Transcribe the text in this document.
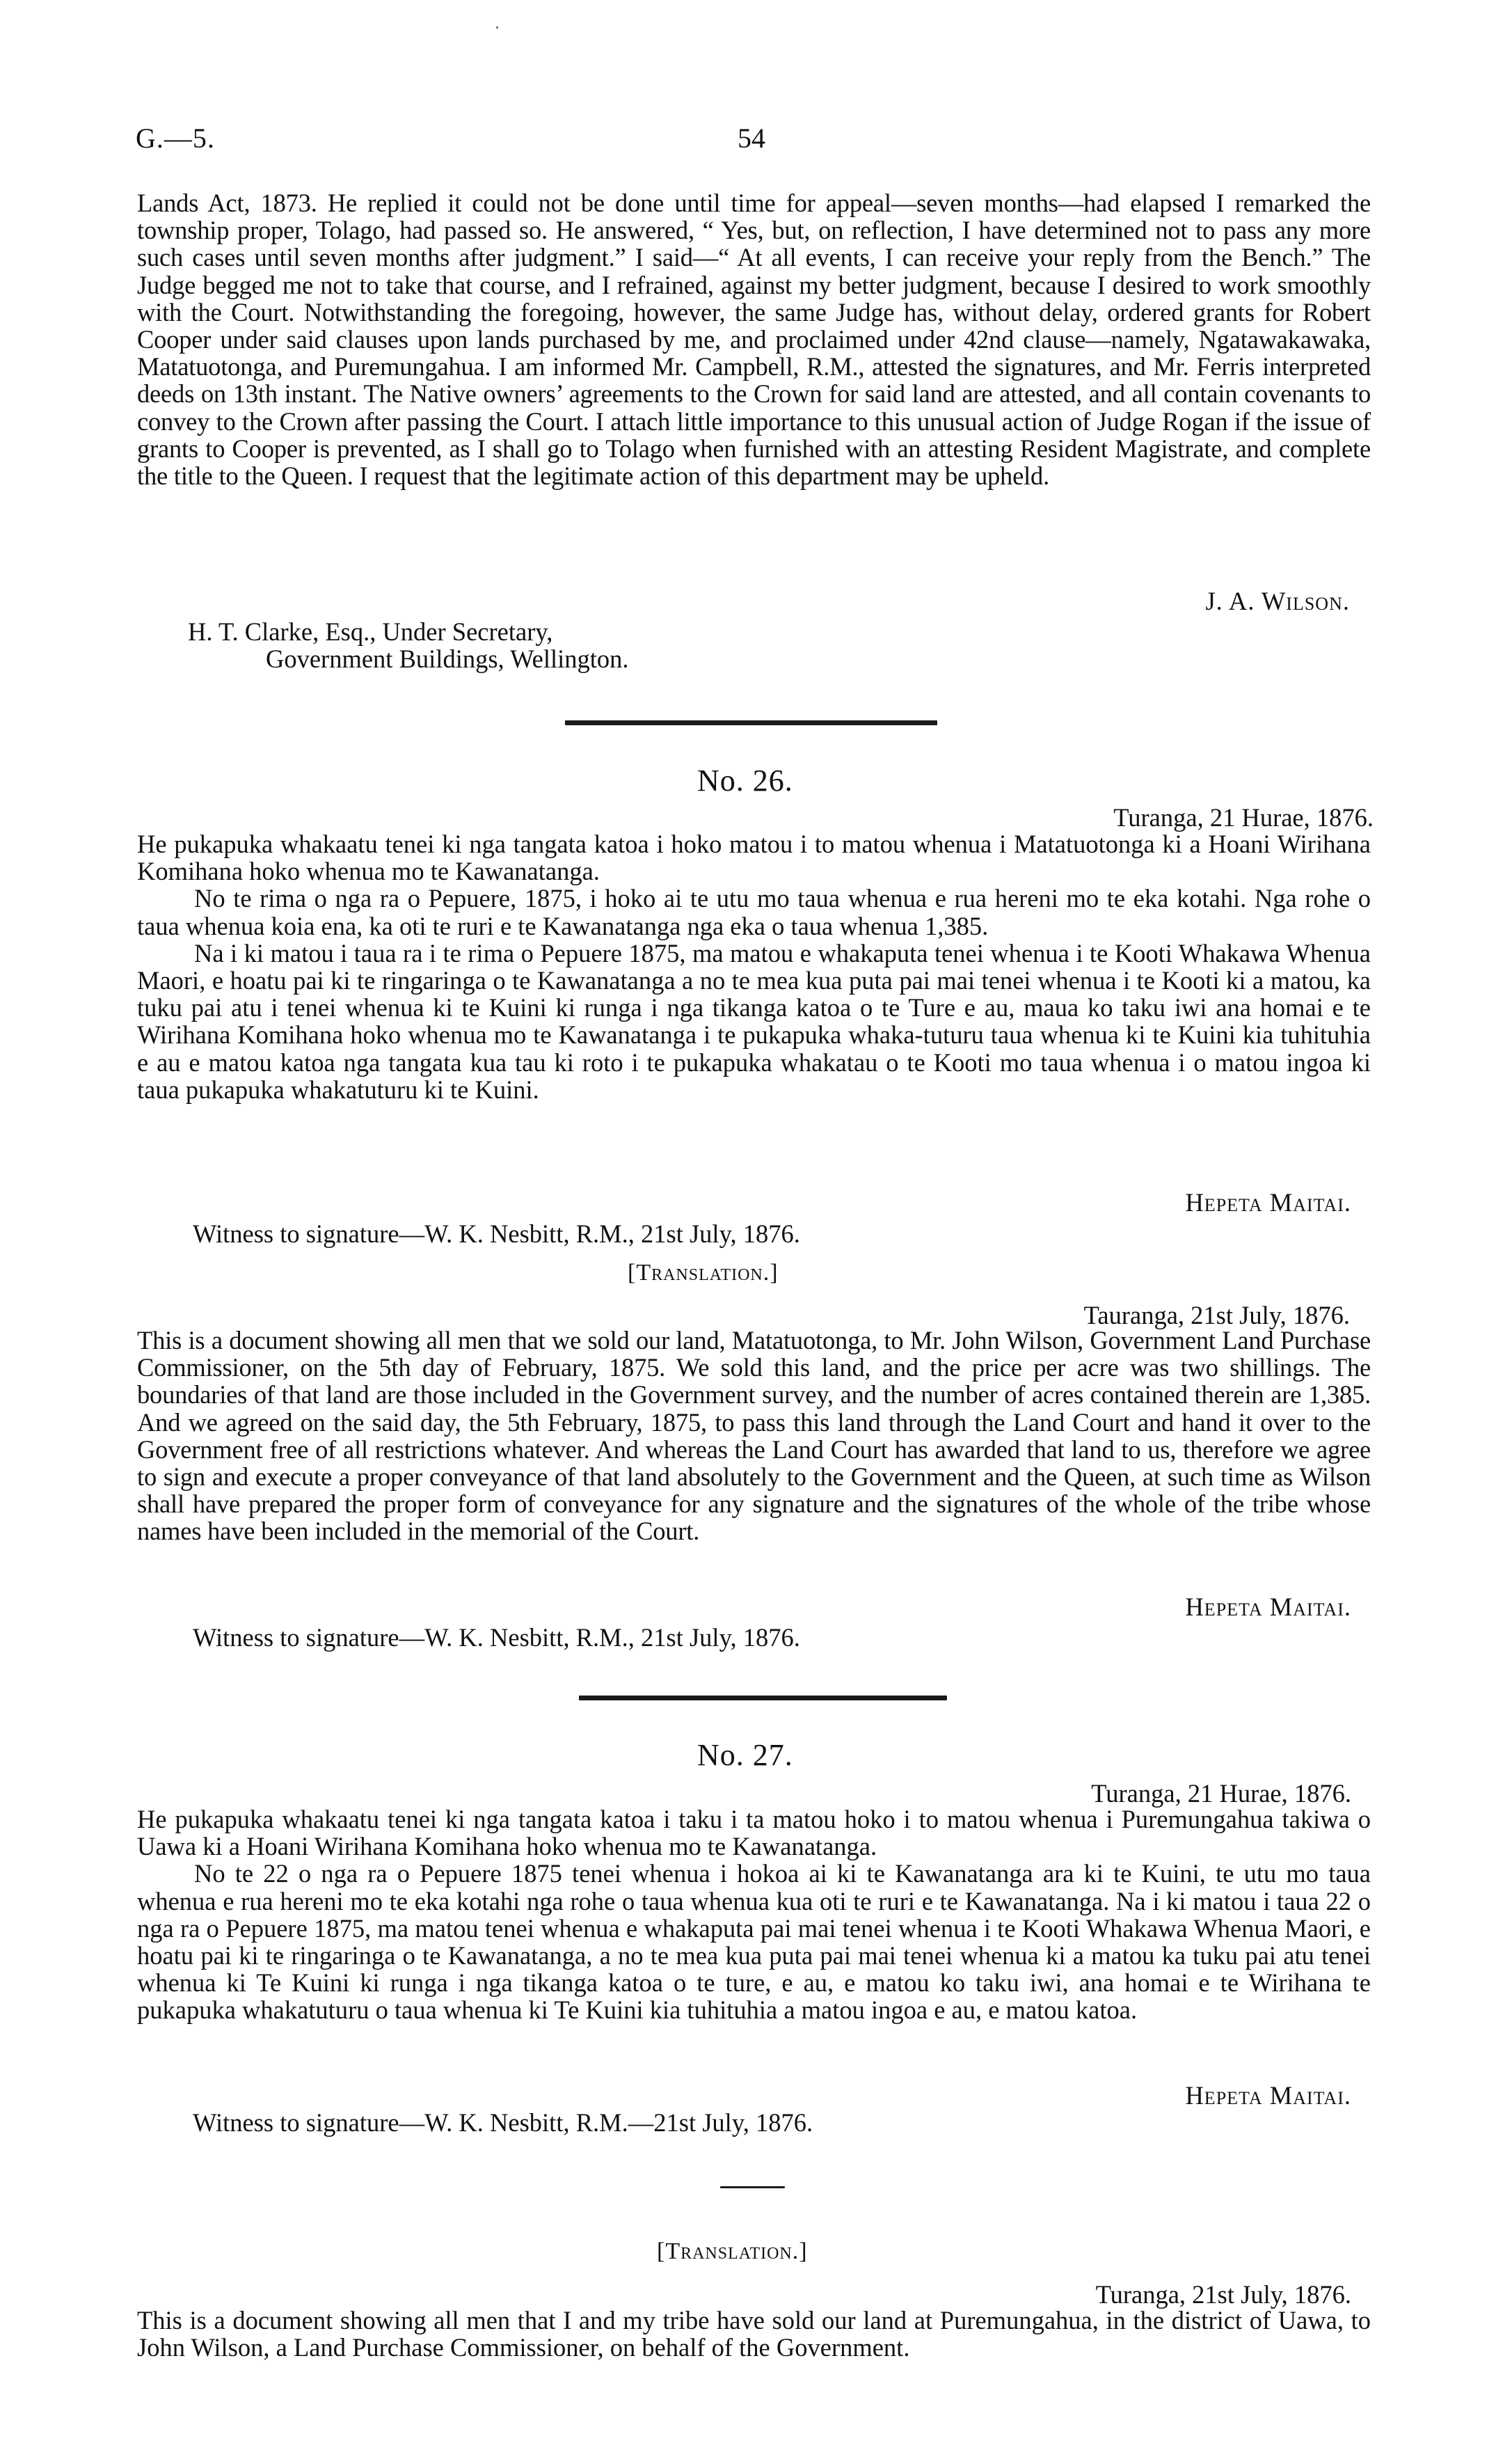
G.—5.	54

Lands Act, 1873. He replied it could not be done until time for appeal—seven months—had elapsed I remarked the township proper, Tolago, had passed so. He answered, “ Yes, but, on reflection, I have determined not to pass any more such cases until seven months after judgment.” I said—“ At all events, I can receive your reply from the Bench.” The Judge begged me not to take that course, and I refrained, against my better judgment, because I desired to work smoothly with the Court. Notwithstanding the foregoing, however, the same Judge has, without delay, ordered grants for Robert Cooper under said clauses upon lands purchased by me, and proclaimed under 42nd clause—namely, Ngatawakawaka, Matatuotonga, and Puremungahua. I am informed Mr. Campbell, R.M., attested the signatures, and Mr. Ferris interpreted deeds on 13th instant. The Native owners’ agreements to the Crown for said land are attested, and all contain covenants to convey to the Crown after passing the Court. I attach little importance to this unusual action of Judge Rogan if the issue of grants to Cooper is prevented, as I shall go to Tolago when furnished with an attesting Resident Magistrate, and complete the title to the Queen. I request that the legitimate action of this department may be upheld.

J. A. Wilson.
H. T. Clarke, Esq., Under Secretary,
Government Buildings, Wellington.
No. 26.
Turanga, 21 Hurae, 1876.

He pukapuka whakaatu tenei ki nga tangata katoa i hoko matou i to matou whenua i Matatuotonga ki a Hoani Wirihana Komihana hoko whenua mo te Kawanatanga.

No te rima o nga ra o Pepuere, 1875, i hoko ai te utu mo taua whenua e rua hereni mo te eka kotahi. Nga rohe o taua whenua koia ena, ka oti te ruri e te Kawanatanga nga eka o taua whenua 1,385.

Na i ki matou i taua ra i te rima o Pepuere 1875, ma matou e whakaputa tenei whenua i te Kooti Whakawa Whenua Maori, e hoatu pai ki te ringaringa o te Kawanatanga a no te mea kua puta pai mai tenei whenua i te Kooti ki a matou, ka tuku pai atu i tenei whenua ki te Kuini ki runga i nga tikanga katoa o te Ture e au, maua ko taku iwi ana homai e te Wirihana Komihana hoko whenua mo te Kawanatanga i te pukapuka whaka-tuturu taua whenua ki te Kuini kia tuhituhia e au e matou katoa nga tangata kua tau ki roto i te pukapuka whakatau o te Kooti mo taua whenua i o matou ingoa ki taua pukapuka whakatuturu ki te Kuini.

Hepeta Maitai.
Witness to signature—W. K. Nesbitt, R.M., 21st July, 1876.
[Translation.]
Tauranga, 21st July, 1876.

This is a document showing all men that we sold our land, Matatuotonga, to Mr. John Wilson, Government Land Purchase Commissioner, on the 5th day of February, 1875. We sold this land, and the price per acre was two shillings. The boundaries of that land are those included in the Government survey, and the number of acres contained therein are 1,385. And we agreed on the said day, the 5th February, 1875, to pass this land through the Land Court and hand it over to the Government free of all restrictions whatever. And whereas the Land Court has awarded that land to us, therefore we agree to sign and execute a proper conveyance of that land absolutely to the Government and the Queen, at such time as Wilson shall have prepared the proper form of conveyance for any signature and the signatures of the whole of the tribe whose names have been included in the memorial of the Court.

Hepeta Maitai.
Witness to signature—W. K. Nesbitt, R.M., 21st July, 1876.
No. 27.
Turanga, 21 Hurae, 1876.

He pukapuka whakaatu tenei ki nga tangata katoa i taku i ta matou hoko i to matou whenua i Puremungahua takiwa o Uawa ki a Hoani Wirihana Komihana hoko whenua mo te Kawanatanga.

No te 22 o nga ra o Pepuere 1875 tenei whenua i hokoa ai ki te Kawanatanga ara ki te Kuini, te utu mo taua whenua e rua hereni mo te eka kotahi nga rohe o taua whenua kua oti te ruri e te Kawanatanga. Na i ki matou i taua 22 o nga ra o Pepuere 1875, ma matou tenei whenua e whakaputa pai mai tenei whenua i te Kooti Whakawa Whenua Maori, e hoatu pai ki te ringaringa o te Kawanatanga, a no te mea kua puta pai mai tenei whenua ki a matou ka tuku pai atu tenei whenua ki Te Kuini ki runga i nga tikanga katoa o te ture, e au, e matou ko taku iwi, ana homai e te Wirihana te pukapuka whakatuturu o taua whenua ki Te Kuini kia tuhituhia a matou ingoa e au, e matou katoa.

Hepeta Maitai.
Witness to signature—W. K. Nesbitt, R.M.—21st July, 1876.
[Translation.]
Turanga, 21st July, 1876.

This is a document showing all men that I and my tribe have sold our land at Puremungahua, in the district of Uawa, to John Wilson, a Land Purchase Commissioner, on behalf of the Government.
